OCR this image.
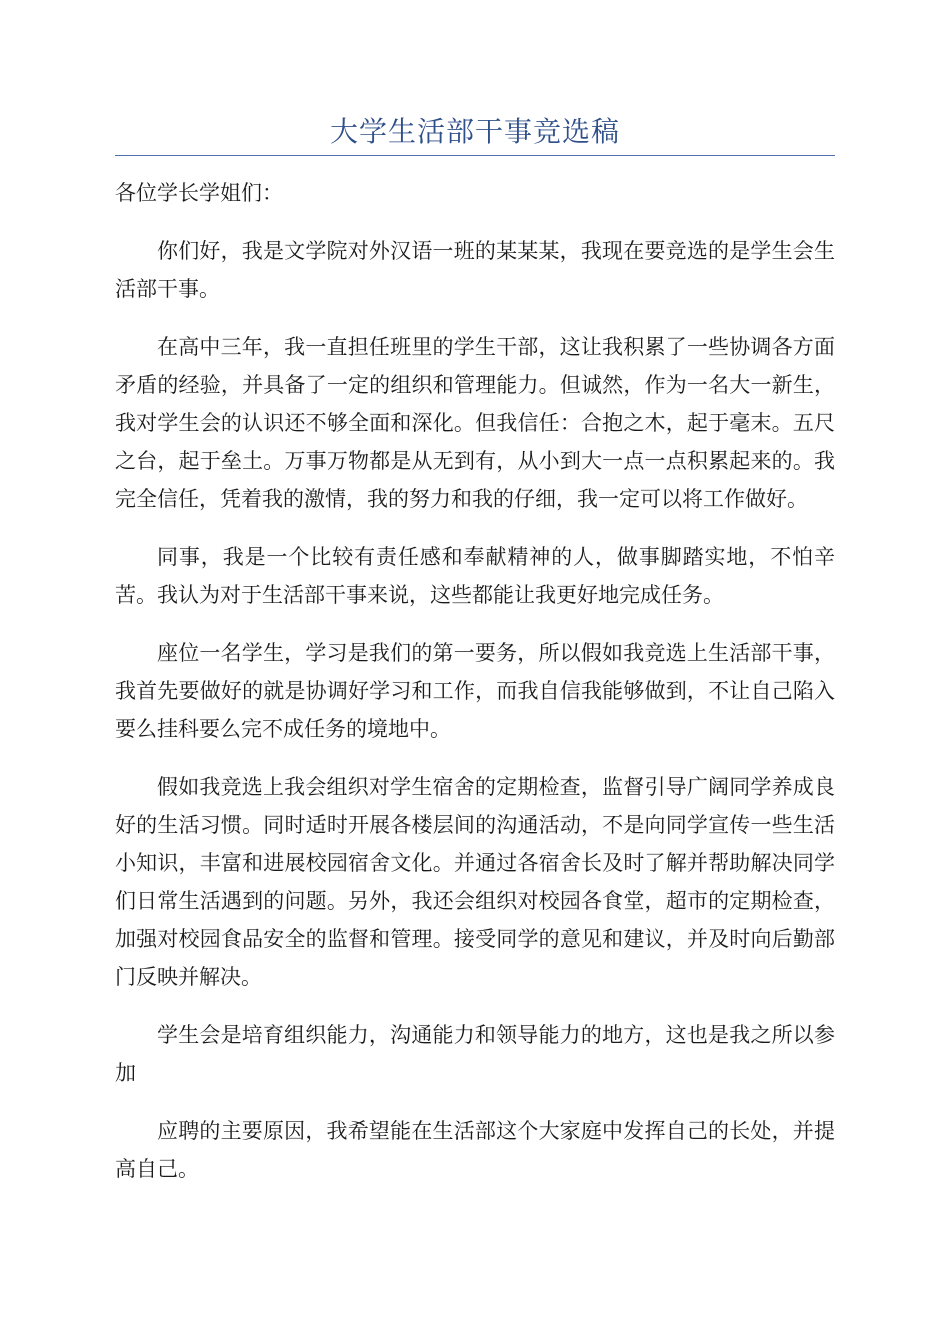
大学生活部干事竞选稿

各位学长学姐们：

你们好，我是文学院对外汉语一班的某某某，我现在要竞选的是学生会生活部干事。

在高中三年，我一直担任班里的学生干部，这让我积累了一些协调各方面矛盾的经验，并具备了一定的组织和管理能力。但诚然，作为一名大一新生，我对学生会的认识还不够全面和深化。但我信任：合抱之木，起于毫末。五尺之台，起于垒土。万事万物都是从无到有，从小到大一点一点积累起来的。我完全信任，凭着我的激情，我的努力和我的仔细，我一定可以将工作做好。

同事，我是一个比较有责任感和奉献精神的人，做事脚踏实地，不怕辛苦。我认为对于生活部干事来说，这些都能让我更好地完成任务。

座位一名学生，学习是我们的第一要务，所以假如我竞选上生活部干事，我首先要做好的就是协调好学习和工作，而我自信我能够做到，不让自己陷入要么挂科要么完不成任务的境地中。

假如我竞选上我会组织对学生宿舍的定期检查，监督引导广阔同学养成良好的生活习惯。同时适时开展各楼层间的沟通活动，不是向同学宣传一些生活小知识，丰富和进展校园宿舍文化。并通过各宿舍长及时了解并帮助解决同学们日常生活遇到的问题。另外，我还会组织对校园各食堂，超市的定期检查，加强对校园食品安全的监督和管理。接受同学的意见和建议，并及时向后勤部门反映并解决。

学生会是培育组织能力，沟通能力和领导能力的地方，这也是我之所以参加

应聘的主要原因，我希望能在生活部这个大家庭中发挥自己的长处，并提高自己。
